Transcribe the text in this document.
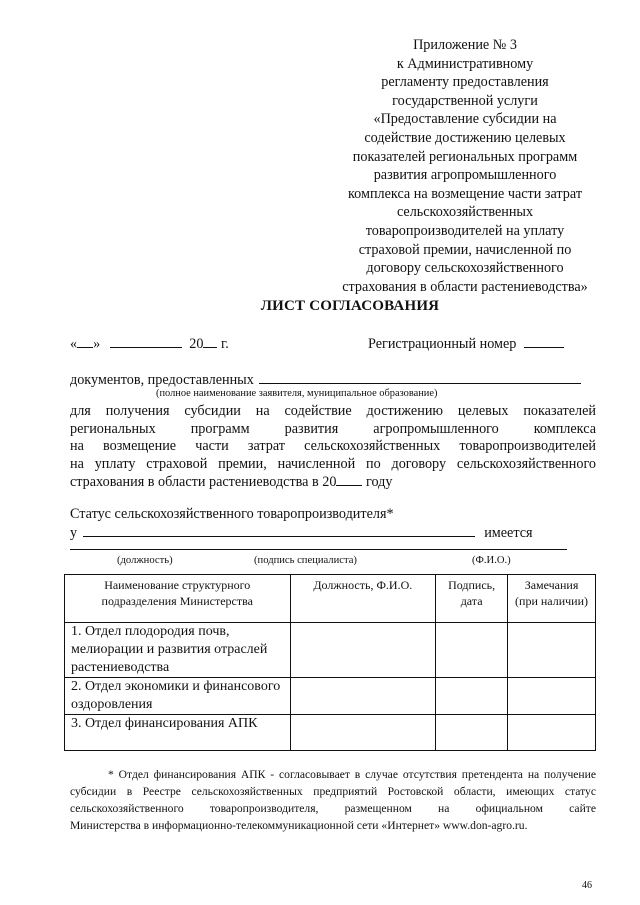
Приложение № 3
к Административному
регламенту предоставления
государственной услуги
«Предоставление субсидии на
содействие достижению целевых
показателей региональных программ
развития агропромышленного
комплекса на возмещение части затрат
сельскохозяйственных
товаропроизводителей на уплату
страховой премии, начисленной по
договору сельскохозяйственного
страхования в области растениеводства»
ЛИСТ СОГЛАСОВАНИЯ
« »	20 г.	Регистрационный номер
документов, предоставленных
(полное наименование заявителя, муниципальное образование)
для получения субсидии на содействие достижению целевых показателей
региональных программ развития агропромышленного комплекса
на возмещение части затрат сельскохозяйственных товаропроизводителей
на уплату страховой премии, начисленной по договору сельскохозяйственного
страхования в области растениеводства в 20 году
Статус сельскохозяйственного товаропроизводителя*
у	имеется
(должность)	(подпись специалиста)	(Ф.И.О.)
Наименование структурного подразделения Министерства	Должность, Ф.И.О.	Подпись, дата	Замечания (при наличии)
1. Отдел плодородия почв, мелиорации и развития отраслей растениеводства			
2. Отдел экономики и финансового оздоровления			
3. Отдел финансирования АПК			
* Отдел финансирования АПК - согласовывает в случае отсутствия претендента на получение
субсидии в Реестре сельскохозяйственных предприятий Ростовской области, имеющих статус
сельскохозяйственного товаропроизводителя, размещенном на официальном сайте
Министерства в информационно-телекоммуникационной сети «Интернет» www.don-agro.ru.
46
